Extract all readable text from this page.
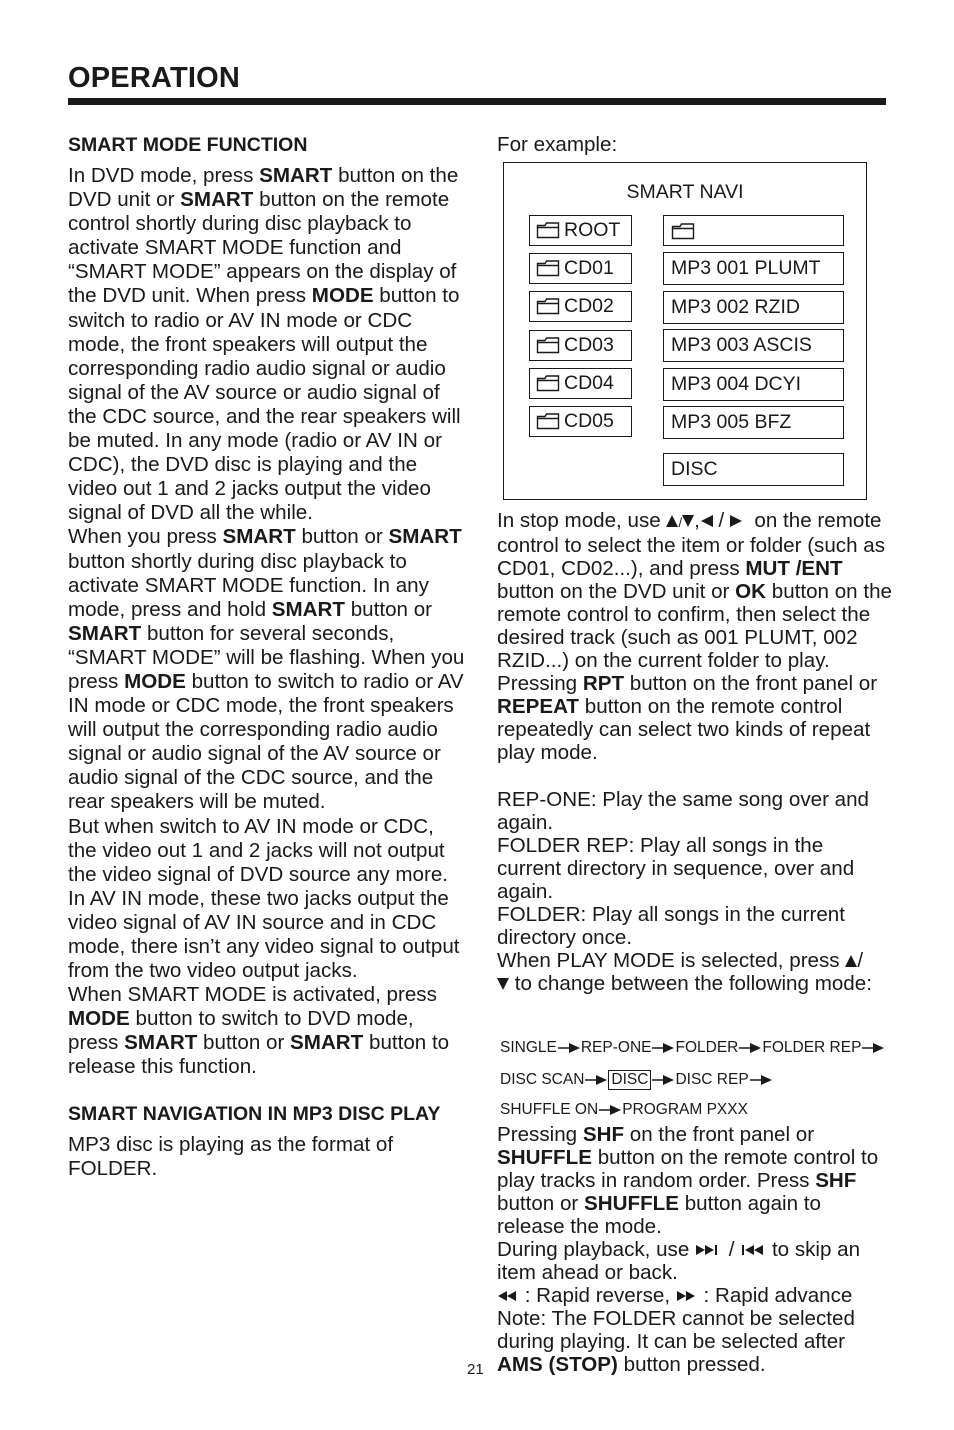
OPERATION

SMART MODE FUNCTION

In DVD mode, press SMART button on the DVD unit or SMART button on the remote control shortly during disc playback to activate SMART MODE function and “SMART MODE” appears on the display of the DVD unit. When press MODE button to switch to radio or AV IN mode or CDC mode, the front speakers will output the corresponding radio audio signal or audio signal of the AV source or audio signal of the CDC source, and the rear speakers will be muted. In any mode (radio or AV IN or CDC), the DVD disc is playing and the video out 1 and 2 jacks output the video signal of DVD all the while.

When you press SMART button or SMART button shortly during disc playback to activate SMART MODE function. In any mode, press and hold SMART button or SMART button for several seconds, “SMART MODE” will be flashing. When you press MODE button to switch to radio or AV IN mode or CDC mode, the front speakers will output the corresponding radio audio signal or audio signal of the AV source or audio signal of the CDC source, and the rear speakers will be muted.

But when switch to AV IN mode or CDC, the video out 1 and 2 jacks will not output the video signal of DVD source any more. In AV IN mode, these two jacks output the video signal of AV IN source and in CDC mode, there isn’t any video signal to output from the two video output jacks.

When SMART MODE is activated, press MODE button to switch to DVD mode, press SMART button or SMART button to release this function.

SMART NAVIGATION IN MP3 DISC PLAY

MP3 disc is playing as the format of FOLDER.

For example:
SMART NAVI
ROOT
CD01
CD02
CD03
CD04
CD05
MP3 001 PLUMT
MP3 002 RZID
MP3 003 ASCIS
MP3 004 DCYI
MP3 005 BFZ
DISC

In stop mode, use / , /   on the remote control to select the item or folder (such as CD01, CD02...), and press MUT /ENT button on the DVD unit or OK button on the remote control to confirm, then select the desired track (such as 001 PLUMT, 002 RZID...) on the current folder to play.

Pressing RPT button on the front panel or REPEAT button on the remote control repeatedly can select two kinds of repeat play mode.

REP-ONE: Play the same song over and again.

FOLDER REP: Play all songs in the current directory in sequence, over and again.

FOLDER: Play all songs in the current directory once.

When PLAY MODE is selected, press /
to change between the following mode:

SINGLE REP-ONE FOLDER FOLDER REP
DISC SCAN DISC DISC REP
SHUFFLE ON PROGRAM PXXX

Pressing SHF on the front panel or SHUFFLE button on the remote control to play tracks in random order. Press SHF button or SHUFFLE button again to release the mode.

During playback, use  /  to skip an item ahead or back.

: Rapid reverse,  : Rapid advance

Note: The FOLDER cannot be selected during playing. It can be selected after AMS (STOP) button pressed.

21
